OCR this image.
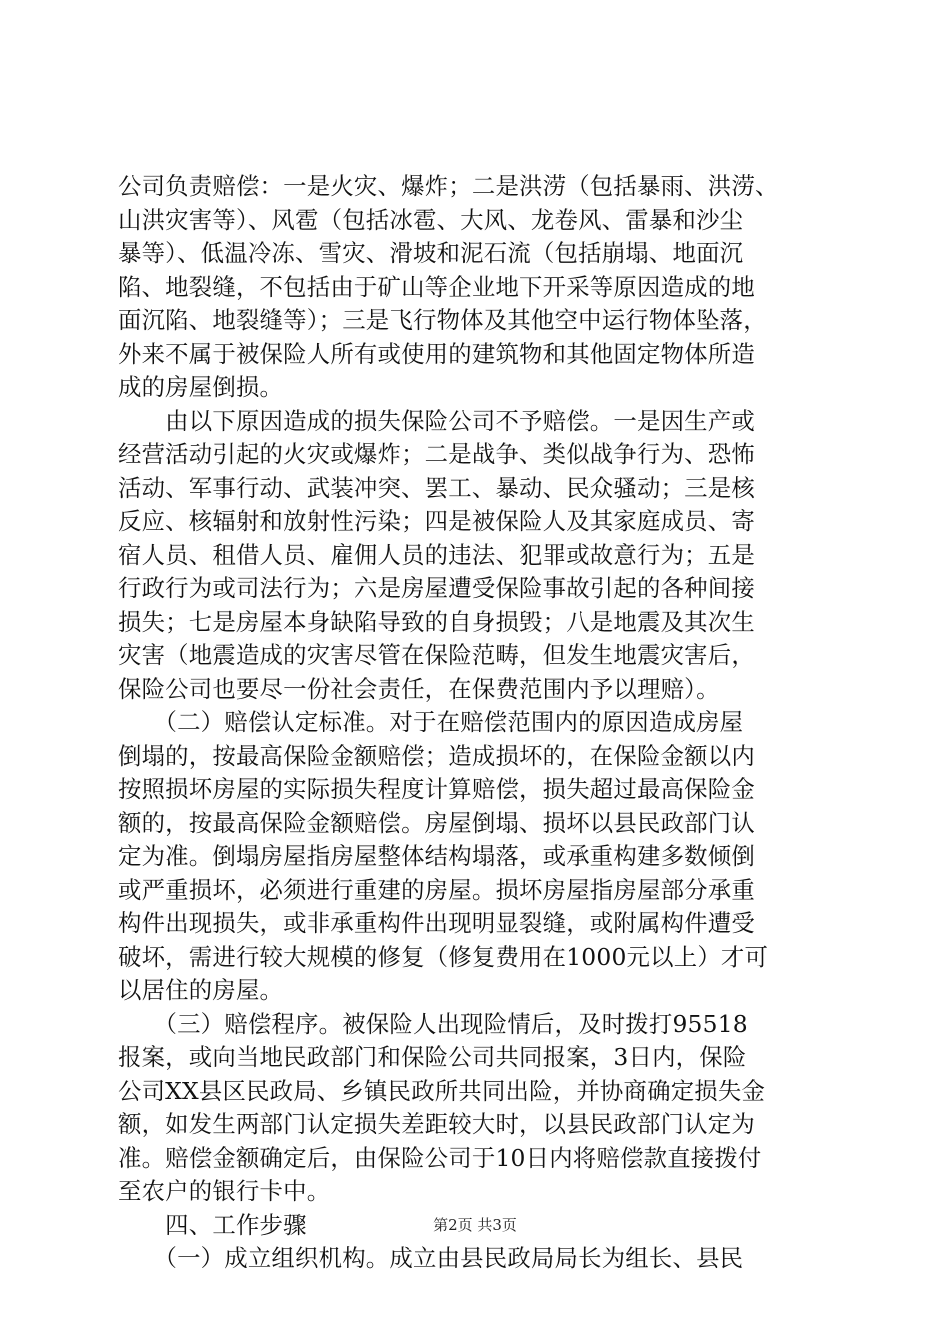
公司负责赔偿：一是火灾、爆炸；二是洪涝（包括暴雨、洪涝、
山洪灾害等）、风雹（包括冰雹、大风、龙卷风、雷暴和沙尘
暴等）、低温冷冻、雪灾、滑坡和泥石流（包括崩塌、地面沉
陷、地裂缝，不包括由于矿山等企业地下开采等原因造成的地
面沉陷、地裂缝等）；三是飞行物体及其他空中运行物体坠落，
外来不属于被保险人所有或使用的建筑物和其他固定物体所造
成的房屋倒损。
　　由以下原因造成的损失保险公司不予赔偿。一是因生产或
经营活动引起的火灾或爆炸；二是战争、类似战争行为、恐怖
活动、军事行动、武装冲突、罢工、暴动、民众骚动；三是核
反应、核辐射和放射性污染；四是被保险人及其家庭成员、寄
宿人员、租借人员、雇佣人员的违法、犯罪或故意行为；五是
行政行为或司法行为；六是房屋遭受保险事故引起的各种间接
损失；七是房屋本身缺陷导致的自身损毁；八是地震及其次生
灾害（地震造成的灾害尽管在保险范畴，但发生地震灾害后，
保险公司也要尽一份社会责任，在保费范围内予以理赔）。
　　（二）赔偿认定标准。对于在赔偿范围内的原因造成房屋
倒塌的，按最高保险金额赔偿；造成损坏的，在保险金额以内
按照损坏房屋的实际损失程度计算赔偿，损失超过最高保险金
额的，按最高保险金额赔偿。房屋倒塌、损坏以县民政部门认
定为准。倒塌房屋指房屋整体结构塌落，或承重构建多数倾倒
或严重损坏，必须进行重建的房屋。损坏房屋指房屋部分承重
构件出现损失，或非承重构件出现明显裂缝，或附属构件遭受
破坏，需进行较大规模的修复（修复费用在1000元以上）才可
以居住的房屋。
　　（三）赔偿程序。被保险人出现险情后，及时拨打95518
报案，或向当地民政部门和保险公司共同报案，3日内，保险
公司XX县区民政局、乡镇民政所共同出险，并协商确定损失金
额，如发生两部门认定损失差距较大时，以县民政部门认定为
准。赔偿金额确定后，由保险公司于10日内将赔偿款直接拨付
至农户的银行卡中。
　　四、工作步骤
　　（一）成立组织机构。成立由县民政局局长为组长、县民
第2页 共3页
